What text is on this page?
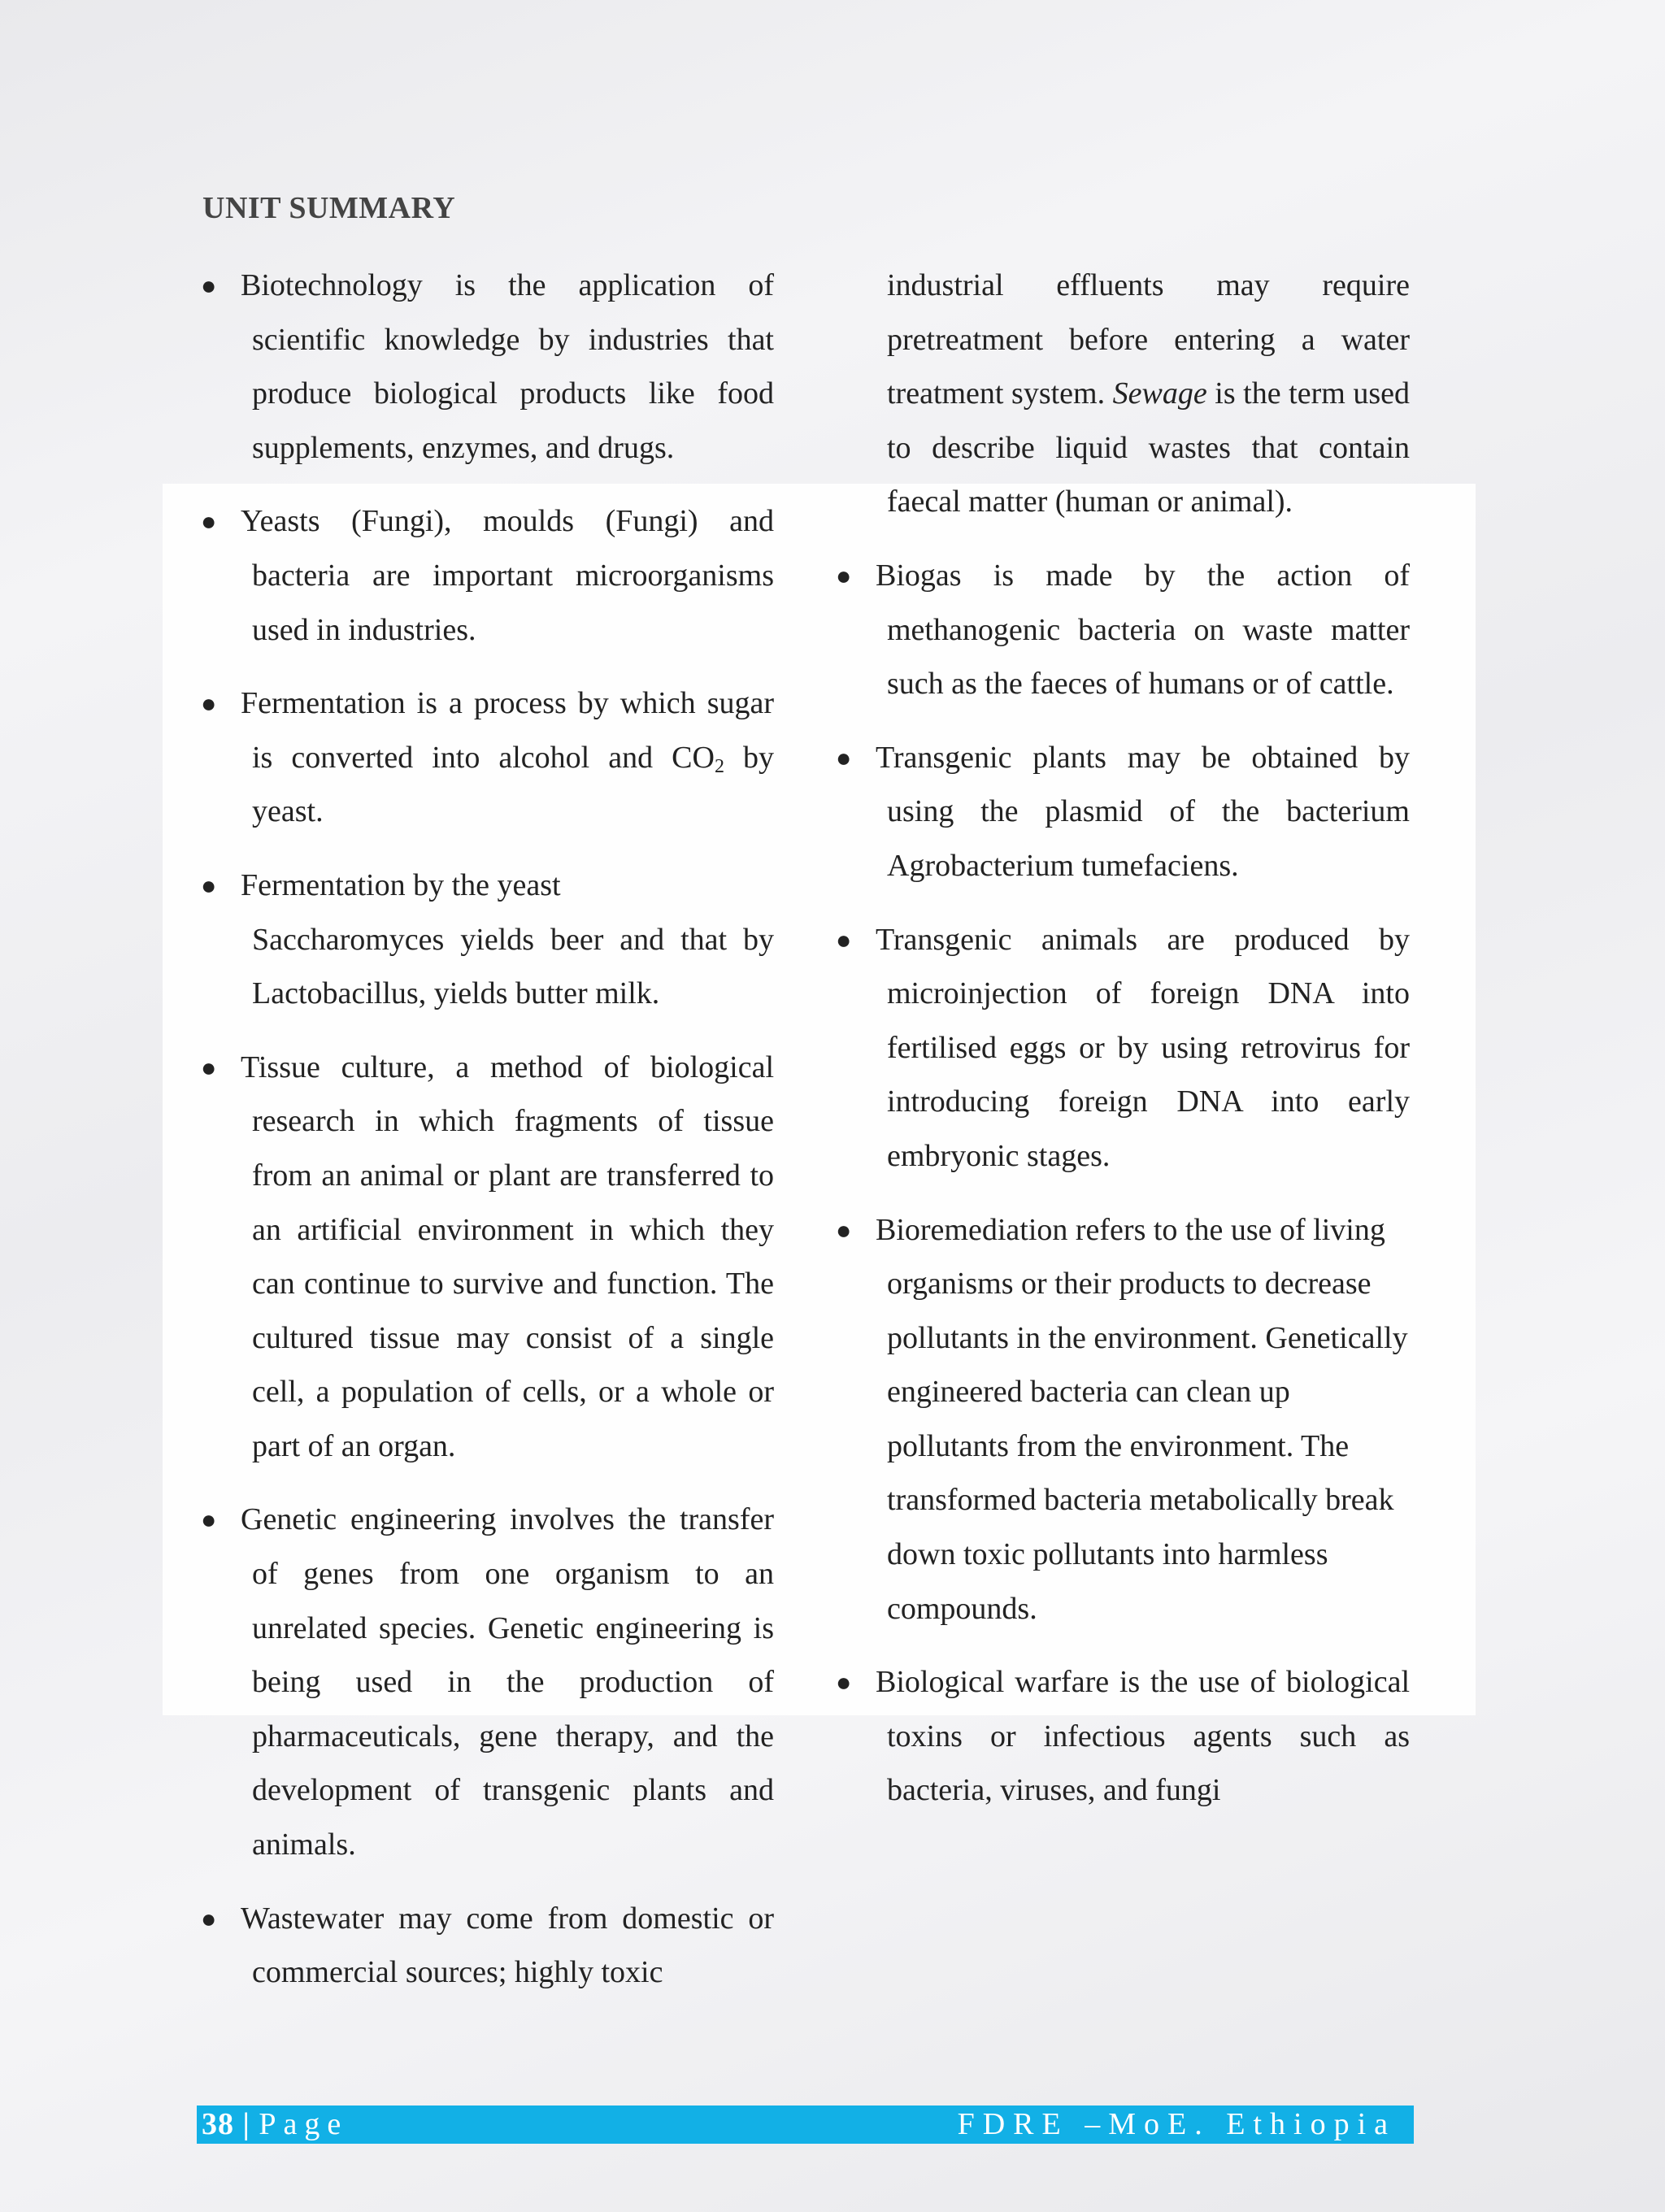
UNIT SUMMARY
● Biotechnology is the application of scientific knowledge by industries that produce biological products like food supplements, enzymes, and drugs.
● Yeasts (Fungi), moulds (Fungi) and bacteria are important microorganisms used in industries.
● Fermentation is a process by which sugar is converted into alcohol and $CO_2$ by yeast.
● Fermentation by the yeast
Saccharomyces yields beer and that by Lactobacillus, yields butter milk.
● Tissue culture, a method of biological research in which fragments of tissue from an animal or plant are transferred to an artificial environment in which they can continue to survive and function. The cultured tissue may consist of a single cell, a population of cells, or a whole or part of an organ.
● Genetic engineering involves the transfer of genes from one organism to an unrelated species. Genetic engineering is being used in the production of pharmaceuticals, gene therapy, and the development of transgenic plants and animals.
● Wastewater may come from domestic or commercial sources; highly toxic
industrial effluents may require pretreatment before entering a water treatment system. Sewage is the term used to describe liquid wastes that contain faecal matter (human or animal).
● Biogas is made by the action of methanogenic bacteria on waste matter such as the faeces of humans or of cattle.
● Transgenic plants may be obtained by using the plasmid of the bacterium Agrobacterium tumefaciens.
● Transgenic animals are produced by microinjection of foreign DNA into fertilised eggs or by using retrovirus for introducing foreign DNA into early embryonic stages.
● Bioremediation refers to the use of living organisms or their products to decrease pollutants in the environment. Genetically engineered bacteria can clean up pollutants from the environment. The transformed bacteria metabolically break down toxic pollutants into harmless compounds.
● Biological warfare is the use of biological toxins or infectious agents such as bacteria, viruses, and fungi
38 | Page	FDRE –MoE. Ethiopia
